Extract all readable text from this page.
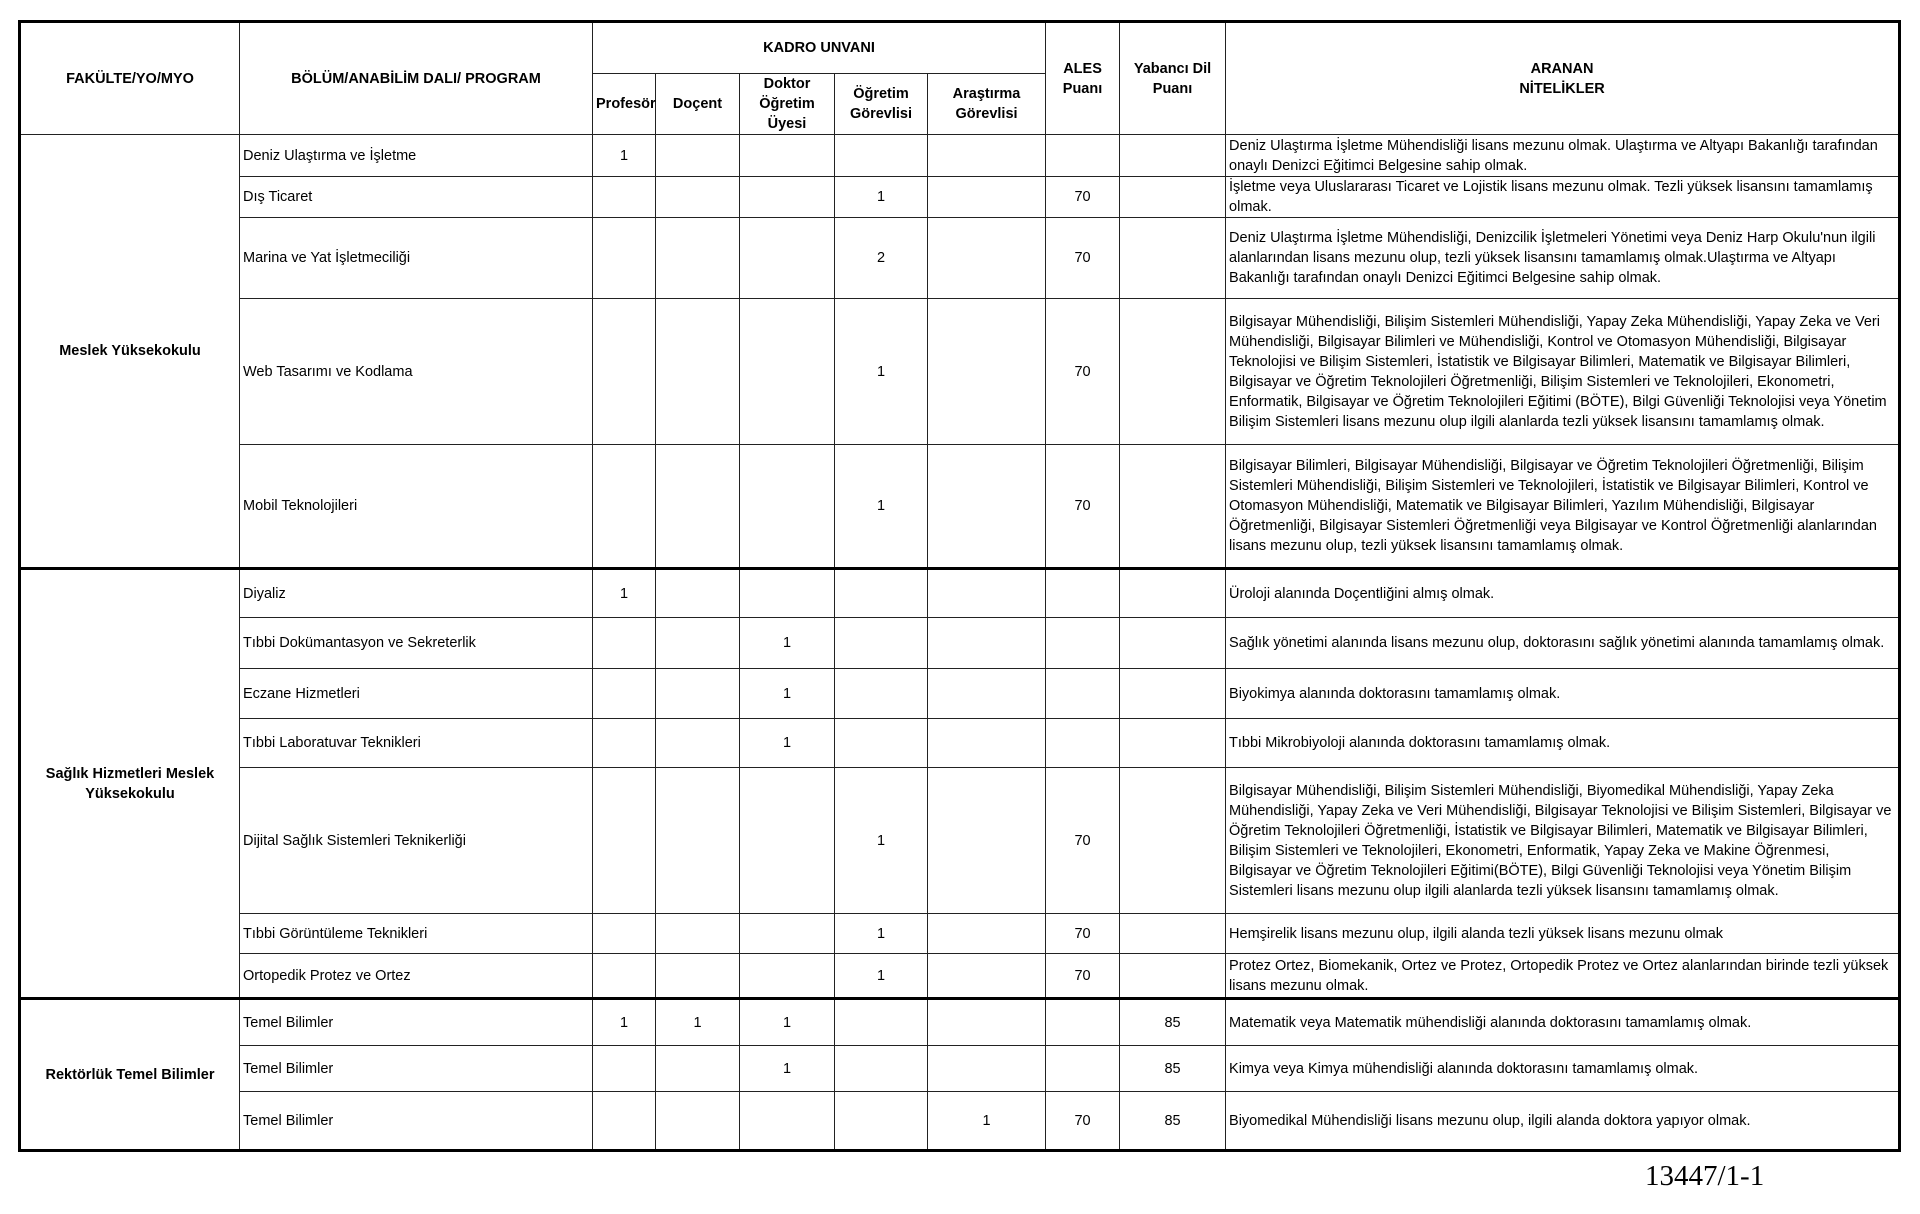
FAKÜLTE/YO/MYO	BÖLÜM/ANABİLİM DALI/ PROGRAM	KADRO UNVANI					ALES Puanı	Yabancı Dil Puanı	ARANAN
NİTELİKLER

		Profesör	Doçent	Doktor Öğretim Üyesi	Öğretim Görevlisi	Araştırma Görevlisi			
Meslek Yüksekokulu	Deniz Ulaştırma ve İşletme	1							Deniz Ulaştırma İşletme Mühendisliği lisans mezunu olmak. Ulaştırma ve Altyapı Bakanlığı tarafından onaylı Denizci Eğitimci Belgesine sahip olmak.
	Dış Ticaret				1		70		İşletme veya Uluslararası Ticaret ve Lojistik lisans mezunu olmak. Tezli yüksek lisansını tamamlamış olmak.
	Marina ve Yat İşletmeciliği				2		70		Deniz Ulaştırma İşletme Mühendisliği, Denizcilik İşletmeleri Yönetimi veya Deniz Harp Okulu'nun ilgili alanlarından lisans mezunu olup, tezli yüksek lisansını tamamlamış olmak.Ulaştırma ve Altyapı Bakanlığı tarafından onaylı Denizci Eğitimci Belgesine sahip olmak.
	Web Tasarımı ve Kodlama				1		70		Bilgisayar Mühendisliği, Bilişim Sistemleri Mühendisliği, Yapay Zeka Mühendisliği, Yapay Zeka ve Veri Mühendisliği, Bilgisayar Bilimleri ve Mühendisliği, Kontrol ve Otomasyon Mühendisliği, Bilgisayar Teknolojisi ve Bilişim Sistemleri, İstatistik ve Bilgisayar Bilimleri, Matematik ve Bilgisayar Bilimleri, Bilgisayar ve Öğretim Teknolojileri Öğretmenliği, Bilişim Sistemleri ve Teknolojileri, Ekonometri, Enformatik, Bilgisayar ve Öğretim Teknolojileri Eğitimi (BÖTE), Bilgi Güvenliği Teknolojisi veya Yönetim Bilişim Sistemleri lisans mezunu olup ilgili alanlarda tezli yüksek lisansını tamamlamış olmak.
	Mobil Teknolojileri				1		70		Bilgisayar Bilimleri, Bilgisayar Mühendisliği, Bilgisayar ve Öğretim Teknolojileri Öğretmenliği, Bilişim Sistemleri Mühendisliği, Bilişim Sistemleri ve Teknolojileri, İstatistik ve Bilgisayar Bilimleri, Kontrol ve Otomasyon Mühendisliği, Matematik ve Bilgisayar Bilimleri, Yazılım Mühendisliği, Bilgisayar Öğretmenliği, Bilgisayar Sistemleri Öğretmenliği veya Bilgisayar ve Kontrol Öğretmenliği alanlarından lisans mezunu olup, tezli yüksek lisansını tamamlamış olmak.
Sağlık Hizmetleri Meslek Yüksekokulu	Diyaliz	1							Üroloji alanında Doçentliğini almış olmak.
	Tıbbi Dokümantasyon ve Sekreterlik			1					Sağlık yönetimi alanında lisans mezunu olup, doktorasını sağlık yönetimi alanında tamamlamış olmak.
	Eczane Hizmetleri			1					Biyokimya alanında doktorasını tamamlamış olmak.
	Tıbbi Laboratuvar Teknikleri			1					Tıbbi Mikrobiyoloji alanında doktorasını tamamlamış olmak.
	Dijital Sağlık Sistemleri Teknikerliği				1		70		Bilgisayar Mühendisliği, Bilişim Sistemleri Mühendisliği, Biyomedikal Mühendisliği, Yapay Zeka Mühendisliği, Yapay Zeka ve Veri Mühendisliği, Bilgisayar Teknolojisi ve Bilişim Sistemleri, Bilgisayar ve Öğretim Teknolojileri Öğretmenliği, İstatistik ve Bilgisayar Bilimleri, Matematik ve Bilgisayar Bilimleri, Bilişim Sistemleri ve Teknolojileri, Ekonometri, Enformatik, Yapay Zeka ve Makine Öğrenmesi, Bilgisayar ve Öğretim Teknolojileri Eğitimi(BÖTE), Bilgi Güvenliği Teknolojisi veya Yönetim Bilişim Sistemleri lisans mezunu olup ilgili alanlarda tezli yüksek lisansını tamamlamış olmak.
	Tıbbi Görüntüleme Teknikleri				1		70		Hemşirelik lisans mezunu olup, ilgili alanda tezli yüksek lisans mezunu olmak
	Ortopedik Protez ve Ortez				1		70		Protez Ortez, Biomekanik, Ortez ve Protez, Ortopedik Protez ve Ortez alanlarından birinde tezli yüksek lisans mezunu olmak.
Rektörlük Temel Bilimler	Temel Bilimler	1	1	1				85	Matematik veya Matematik mühendisliği alanında doktorasını tamamlamış olmak.
	Temel Bilimler			1				85	Kimya veya Kimya mühendisliği alanında doktorasını tamamlamış olmak.
	Temel Bilimler					1	70	85	Biyomedikal Mühendisliği lisans mezunu olup, ilgili alanda doktora yapıyor olmak.
13447/1-1
